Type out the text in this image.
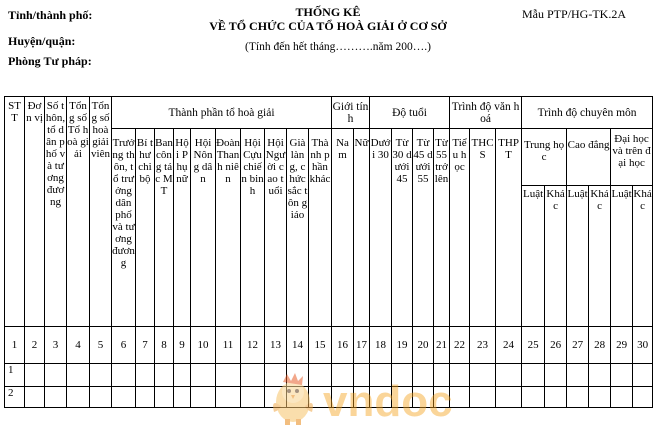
Tỉnh/thành phố:
Huyện/quận:
Phòng Tư pháp:
THỐNG KÊ
VỀ TỔ CHỨC CỦA TỔ HOÀ GIẢI Ở CƠ SỞ
(Tính đến hết tháng……….năm 200….)
Mẫu PTP/HG-TK.2A
STT	Đơn vị	Số thôn, tổ dân phố và tương đương	Tổng số Tổ hoà giải	Tổng số hoà giải viên	Thành phần tổ hoà giải										Giới tính		Độ tuổi				Trình độ văn hoá			Trình độ chuyên môn					
					Trưởng thôn, tổ trưởng dân phố và tương đương	Bí thư chi bộ	Ban công tác MT	Hội Phụ nữ	Hội Nông dân	Đoàn Thanh niên	Hội Cựu chiến binh	Hội Người cao tuổi	Già làng, chức sắc tôn giáo	Thành phần khác	Nam	Nữ	Dưới 30	Từ 30 dưới 45	Từ 45 dưới 55	Từ 55 trở lên	Tiểu học	THCS	THPT	Trung học		Cao đẳng		Đại học và trên đại học	
																								Luật	Khác	Luật	Khác	Luật	Khác
1	2	3	4	5	6	7	8	9	10	11	12	13	14	15	16	17	18	19	20	21	22	23	24	25	26	27	28	29	30
1																													
2																														vndoc
